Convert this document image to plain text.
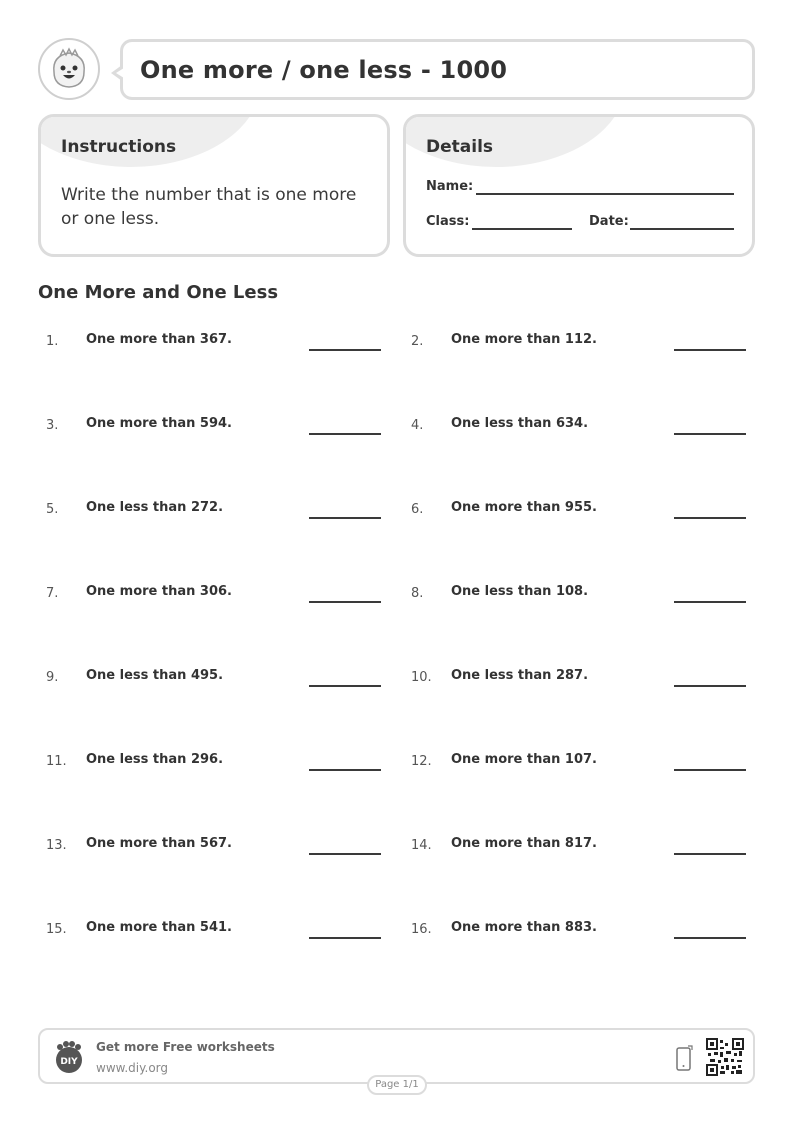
One more / one less - 1000
Instructions
Write the number that is one more or one less.
Details
Name:
Class:	Date:
One More and One Less
1. One more than 367.	2. One more than 112.
3. One more than 594.	4. One less than 634.
5. One less than 272.	6. One more than 955.
7. One more than 306.	8. One less than 108.
9. One less than 495.	10. One less than 287.
11. One less than 296.	12. One more than 107.
13. One more than 567.	14. One more than 817.
15. One more than 541.	16. One more than 883.
DIY
Get more Free worksheets
www.diy.org
Page 1/1
